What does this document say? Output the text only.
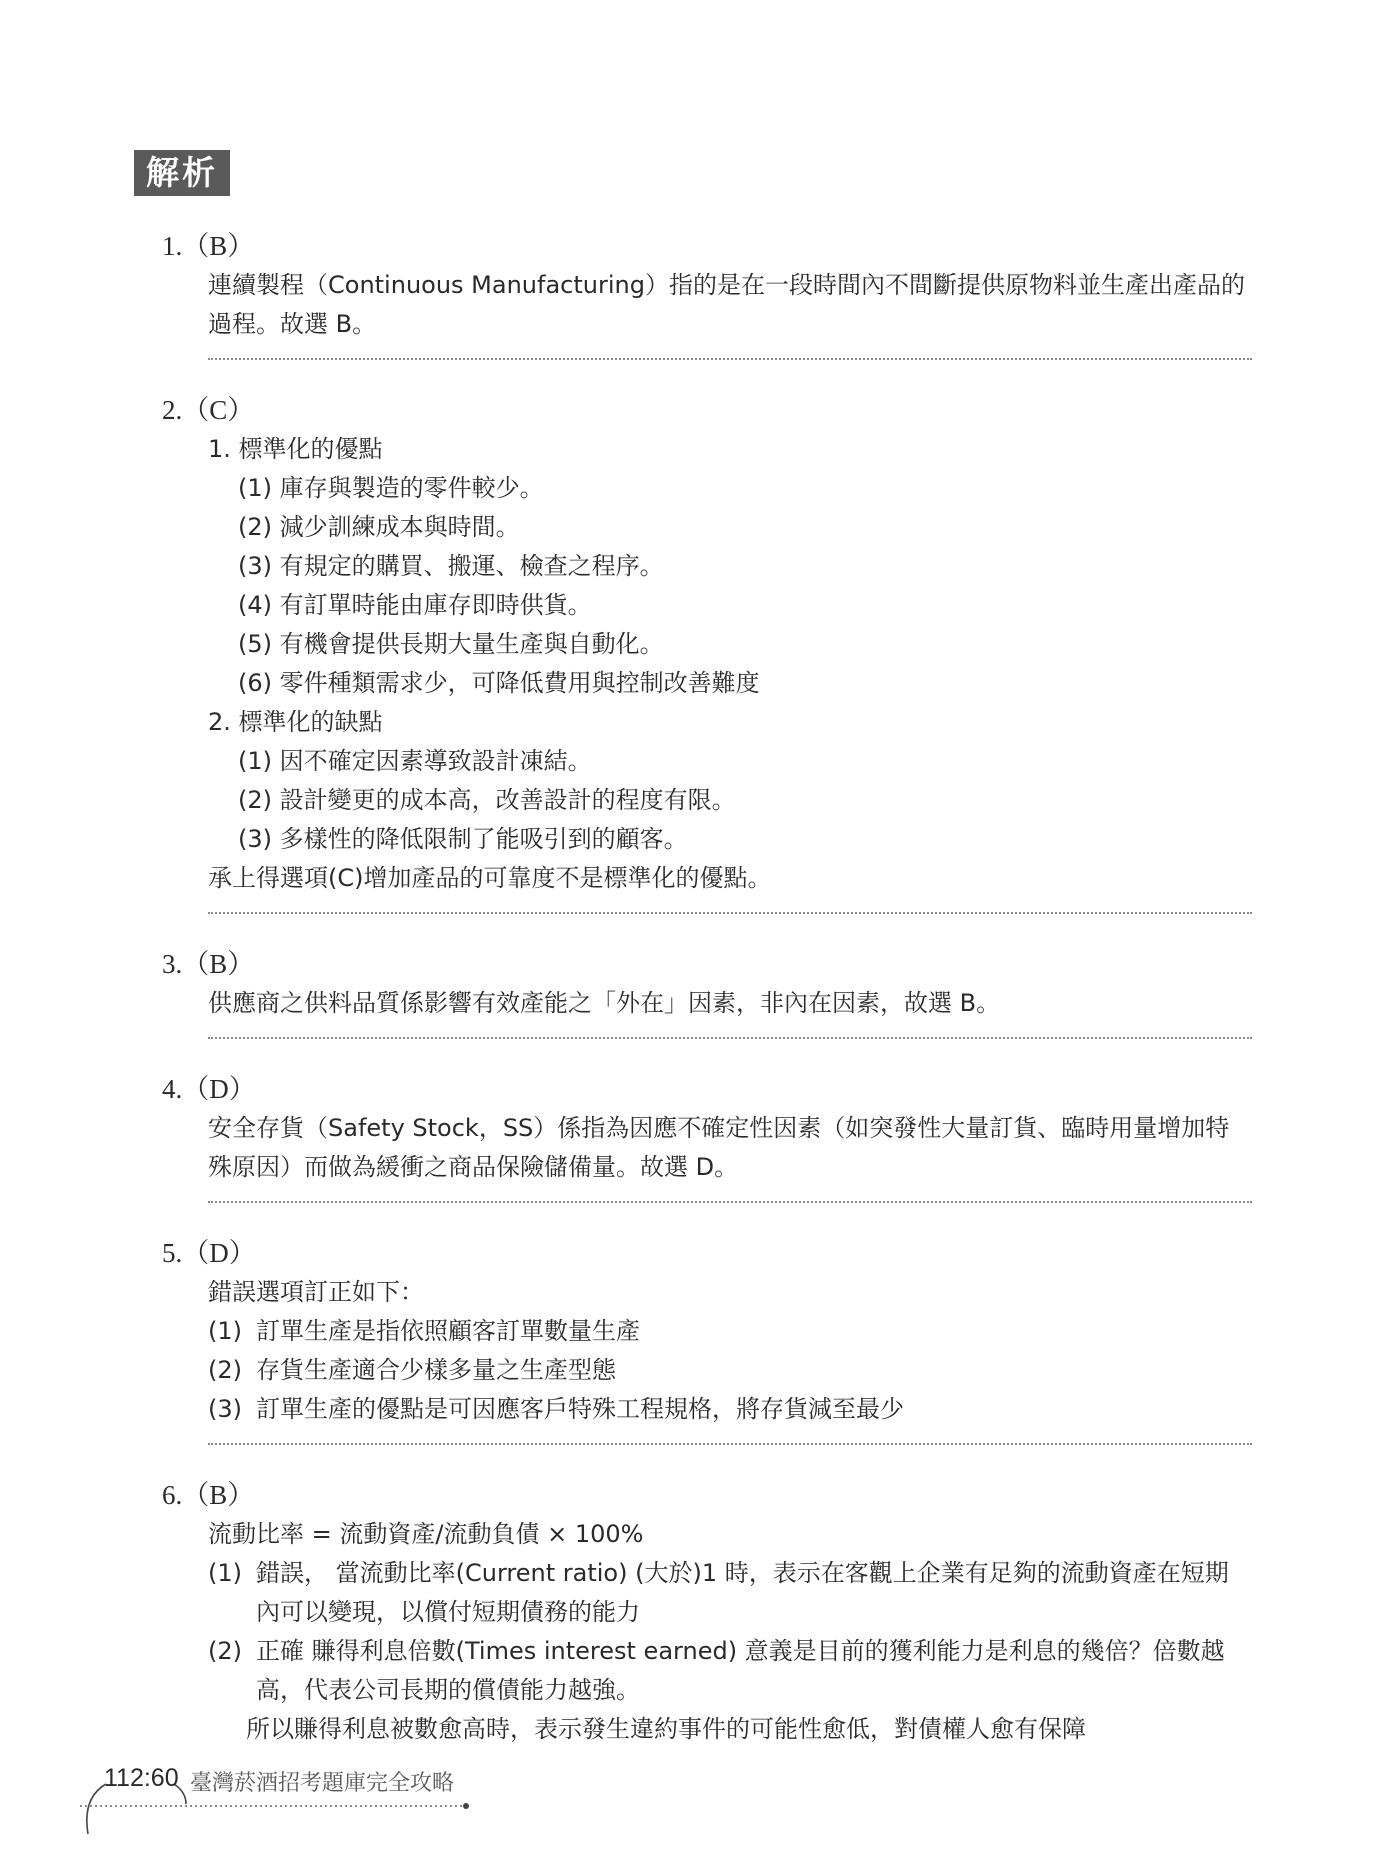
解析
1.（B）
連續製程（Continuous Manufacturing）指的是在一段時間內不間斷提供原物料並生產出產品的過程。故選 B。
2.（C）
1. 標準化的優點
(1) 庫存與製造的零件較少。
(2) 減少訓練成本與時間。
(3) 有規定的購買、搬運、檢查之程序。
(4) 有訂單時能由庫存即時供貨。
(5) 有機會提供長期大量生產與自動化。
(6) 零件種類需求少，可降低費用與控制改善難度
2. 標準化的缺點
(1) 因不確定因素導致設計凍結。
(2) 設計變更的成本高，改善設計的程度有限。
(3) 多樣性的降低限制了能吸引到的顧客。
承上得選項(C)增加產品的可靠度不是標準化的優點。
3.（B）
供應商之供料品質係影響有效產能之「外在」因素，非內在因素，故選 B。
4.（D）
安全存貨（Safety Stock，SS）係指為因應不確定性因素（如突發性大量訂貨、臨時用量增加特殊原因）而做為緩衝之商品保險儲備量。故選 D。
5.（D）
錯誤選項訂正如下：
(1) 訂單生產是指依照顧客訂單數量生產
(2) 存貨生產適合少樣多量之生產型態
(3) 訂單生產的優點是可因應客戶特殊工程規格，將存貨減至最少
6.（B）
流動比率 = 流動資產/流動負債 × 100%
(1) 錯誤， 當流動比率(Current ratio) (大於)1 時，表示在客觀上企業有足夠的流動資產在短期內可以變現，以償付短期債務的能力
(2) 正確 賺得利息倍數(Times interest earned) 意義是目前的獲利能力是利息的幾倍？倍數越高，代表公司長期的償債能力越強。
所以賺得利息被數愈高時，表示發生違約事件的可能性愈低，對債權人愈有保障
112:60 臺灣菸酒招考題庫完全攻略
